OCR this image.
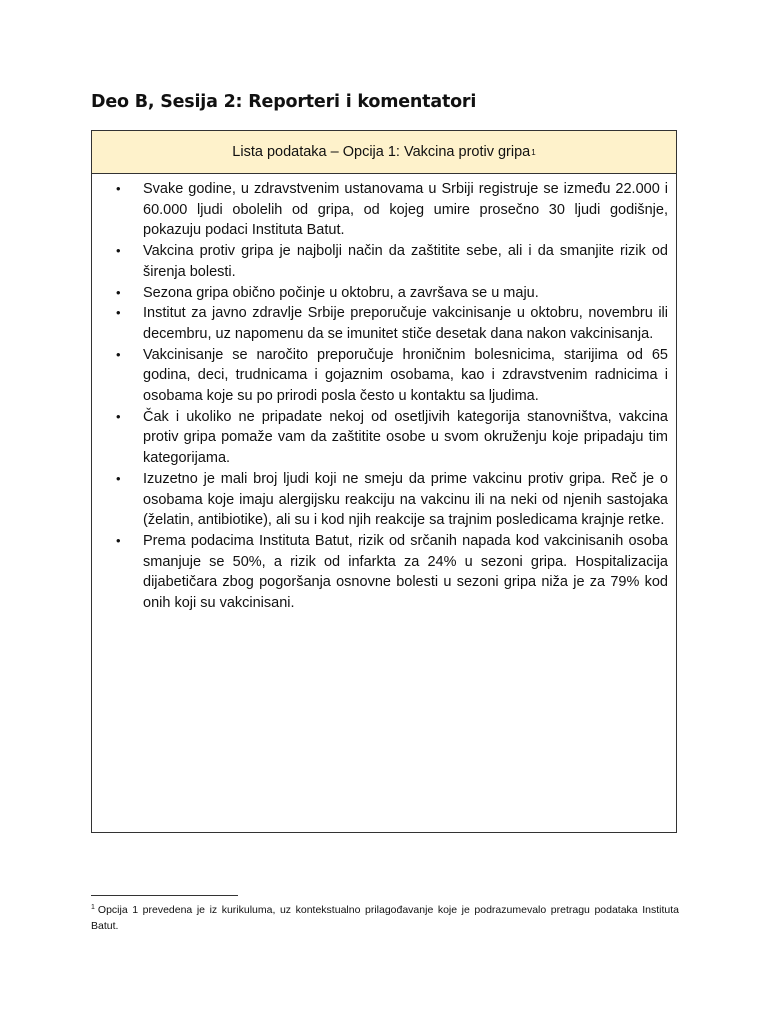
Deo B, Sesija 2: Reporteri i komentatori
Lista podataka – Opcija 1: Vakcina protiv gripa 1
• Svake godine, u zdravstvenim ustanovama u Srbiji registruje se između 22.000 i 60.000 ljudi obolelih od gripa, od kojeg umire prosečno 30 ljudi godišnje, pokazuju podaci Instituta Batut.
• Vakcina protiv gripa je najbolji način da zaštitite sebe, ali i da smanjite rizik od širenja bolesti.
• Sezona gripa obično počinje u oktobru, a završava se u maju.
• Institut za javno zdravlje Srbije preporučuje vakcinisanje u oktobru, novembru ili decembru, uz napomenu da se imunitet stiče desetak dana nakon vakcinisanja.
• Vakcinisanje se naročito preporučuje hroničnim bolesnicima, starijima od 65 godina, deci, trudnicama i gojaznim osobama, kao i zdravstvenim radnicima i osobama koje su po prirodi posla često u kontaktu sa ljudima.
• Čak i ukoliko ne pripadate nekoj od osetljivih kategorija stanovništva, vakcina protiv gripa pomaže vam da zaštitite osobe u svom okruženju koje pripadaju tim kategorijama.
• Izuzetno je mali broj ljudi koji ne smeju da prime vakcinu protiv gripa. Reč je o osobama koje imaju alergijsku reakciju na vakcinu ili na neki od njenih sastojaka (želatin, antibiotike), ali su i kod njih reakcije sa trajnim posledicama krajnje retke.
• Prema podacima Instituta Batut, rizik od srčanih napada kod vakcinisanih osoba smanjuje se 50%, a rizik od infarkta za 24% u sezoni gripa. Hospitalizacija dijabetičara zbog pogoršanja osnovne bolesti u sezoni gripa niža je za 79% kod onih koji su vakcinisani.

$^1$ Opcija 1 prevedena je iz kurikuluma, uz kontekstualno prilagođavanje koje je podrazumevalo pretragu podataka Instituta Batut.
